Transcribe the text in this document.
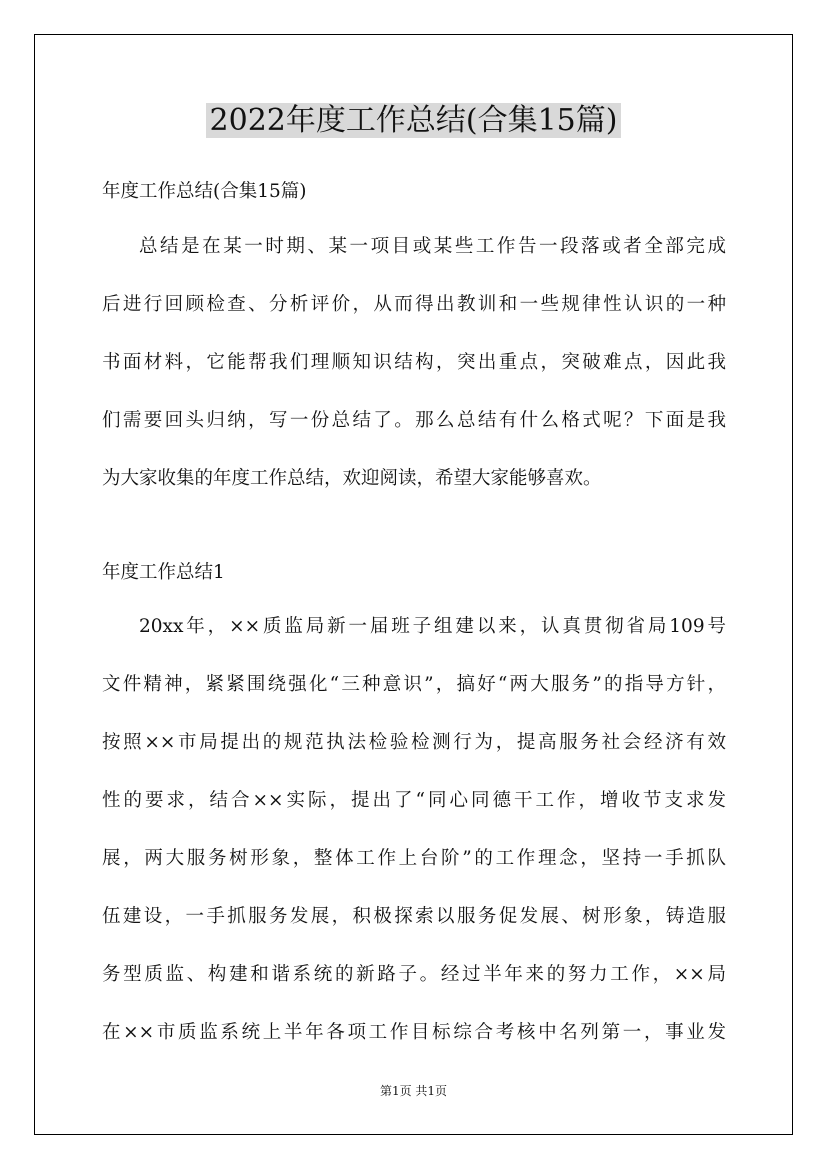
2022年度工作总结(合集15篇)
年度工作总结(合集15篇)
总结是在某一时期、某一项目或某些工作告一段落或者全部完成
后进行回顾检查、分析评价，从而得出教训和一些规律性认识的一种
书面材料，它能帮我们理顺知识结构，突出重点，突破难点，因此我
们需要回头归纳，写一份总结了。那么总结有什么格式呢？下面是我
为大家收集的年度工作总结，欢迎阅读，希望大家能够喜欢。
年度工作总结1
20xx年，××质监局新一届班子组建以来，认真贯彻省局109号
文件精神，紧紧围绕强化“三种意识”，搞好“两大服务”的指导方针，
按照××市局提出的规范执法检验检测行为，提高服务社会经济有效
性的要求，结合××实际，提出了“同心同德干工作，增收节支求发
展，两大服务树形象，整体工作上台阶”的工作理念，坚持一手抓队
伍建设，一手抓服务发展，积极探索以服务促发展、树形象，铸造服
务型质监、构建和谐系统的新路子。经过半年来的努力工作，××局
在××市质监系统上半年各项工作目标综合考核中名列第一，事业发
第1页 共1页
